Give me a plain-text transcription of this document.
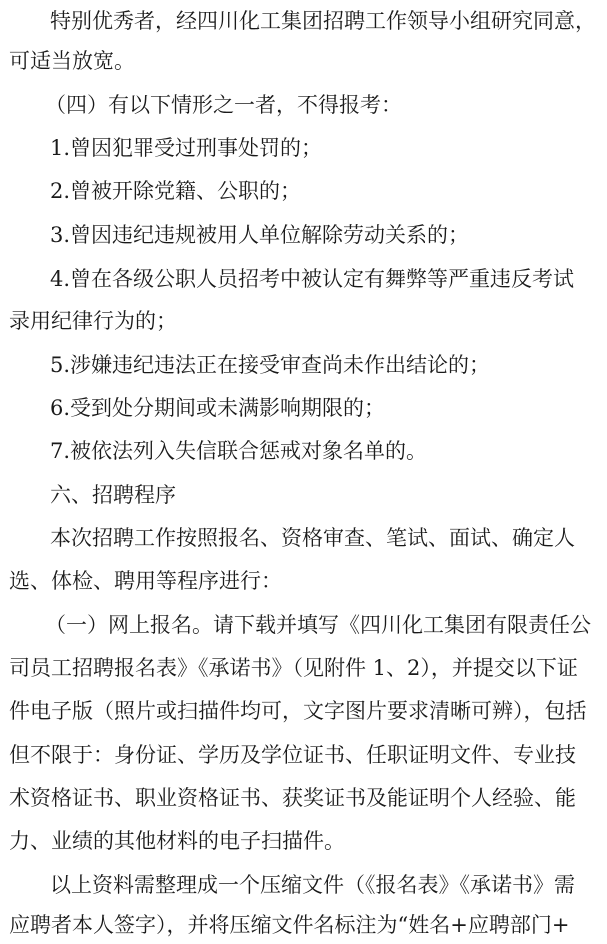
特别优秀者，经四川化工集团招聘工作领导小组研究同意，
可适当放宽。
（四）有以下情形之一者，不得报考：
1.曾因犯罪受过刑事处罚的；
2.曾被开除党籍、公职的；
3.曾因违纪违规被用人单位解除劳动关系的；
4.曾在各级公职人员招考中被认定有舞弊等严重违反考试
录用纪律行为的；
5.涉嫌违纪违法正在接受审查尚未作出结论的；
6.受到处分期间或未满影响期限的；
7.被依法列入失信联合惩戒对象名单的。
六、招聘程序
本次招聘工作按照报名、资格审查、笔试、面试、确定人
选、体检、聘用等程序进行：
（一）网上报名。请下载并填写《四川化工集团有限责任公
司员工招聘报名表》《承诺书》（见附件 1、2），并提交以下证
件电子版（照片或扫描件均可，文字图片要求清晰可辨），包括
但不限于：身份证、学历及学位证书、任职证明文件、专业技
术资格证书、职业资格证书、获奖证书及能证明个人经验、能
力、业绩的其他材料的电子扫描件。
以上资料需整理成一个压缩文件（《报名表》《承诺书》需
应聘者本人签字），并将压缩文件名标注为“姓名+应聘部门+
